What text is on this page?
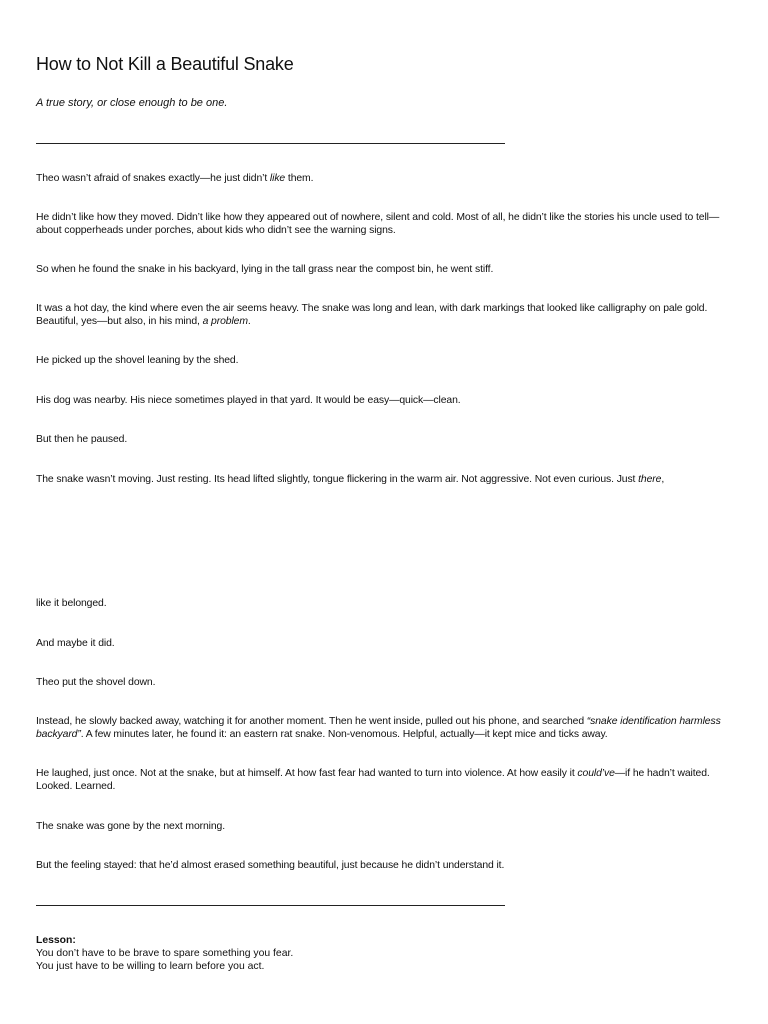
How to Not Kill a Beautiful Snake

A true story, or close enough to be one.

Theo wasn’t afraid of snakes exactly—he just didn’t like them.

He didn’t like how they moved. Didn’t like how they appeared out of nowhere, silent and cold. Most of all, he didn’t like the stories his uncle used to tell—about copperheads under porches, about kids who didn’t see the warning signs.

So when he found the snake in his backyard, lying in the tall grass near the compost bin, he went stiff.

It was a hot day, the kind where even the air seems heavy. The snake was long and lean, with dark markings that looked like calligraphy on pale gold. Beautiful, yes—but also, in his mind, a problem.

He picked up the shovel leaning by the shed.

His dog was nearby. His niece sometimes played in that yard. It would be easy—quick—clean.

But then he paused.

The snake wasn’t moving. Just resting. Its head lifted slightly, tongue flickering in the warm air. Not aggressive. Not even curious. Just there,

like it belonged.

And maybe it did.

Theo put the shovel down.

Instead, he slowly backed away, watching it for another moment. Then he went inside, pulled out his phone, and searched “snake identification harmless backyard”. A few minutes later, he found it: an eastern rat snake. Non-venomous. Helpful, actually—it kept mice and ticks away.

He laughed, just once. Not at the snake, but at himself. At how fast fear had wanted to turn into violence. At how easily it could’ve—if he hadn’t waited. Looked. Learned.

The snake was gone by the next morning.

But the feeling stayed: that he’d almost erased something beautiful, just because he didn’t understand it.

Lesson:
You don’t have to be brave to spare something you fear.
You just have to be willing to learn before you act.
